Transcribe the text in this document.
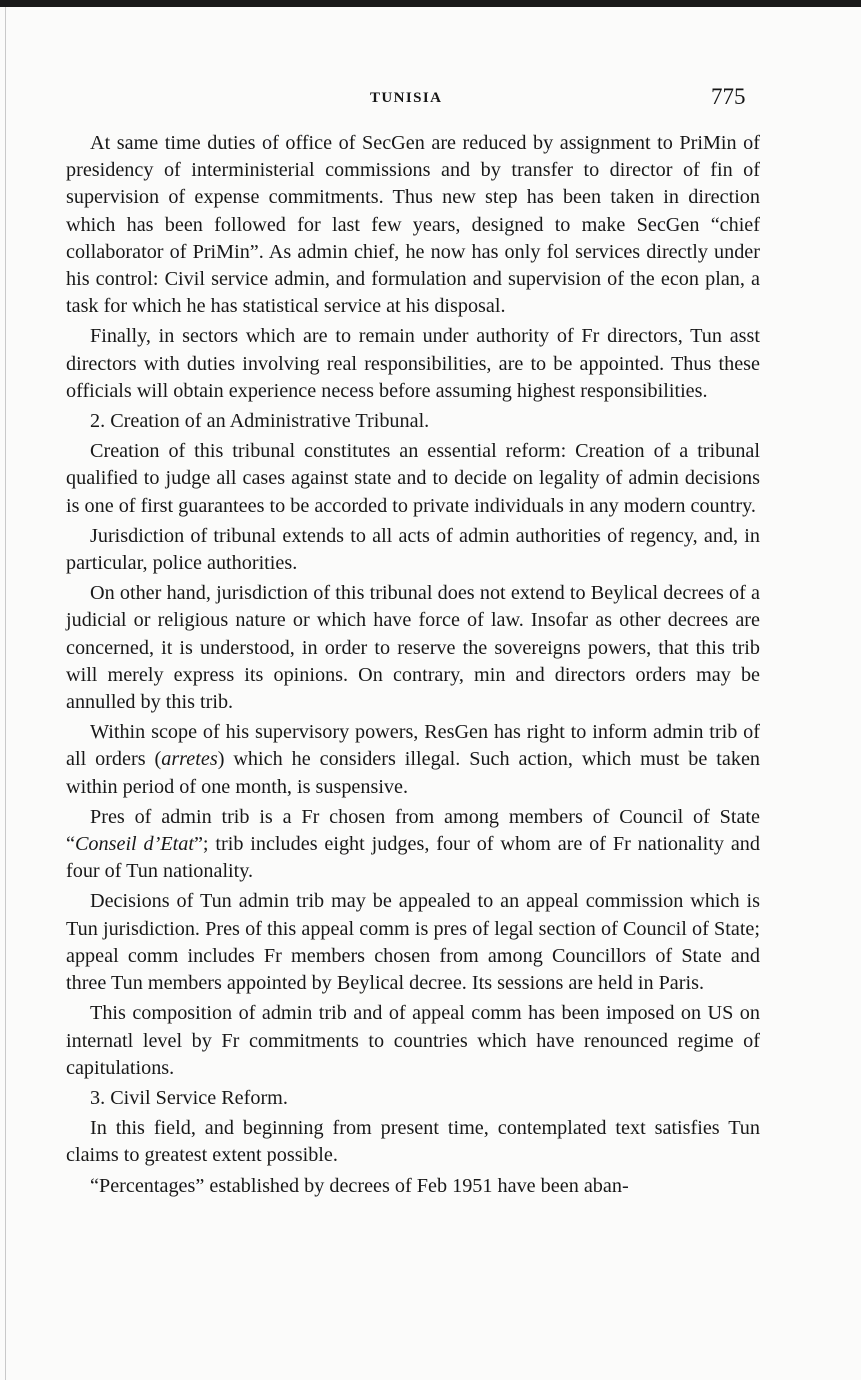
TUNISIA	775

At same time duties of office of SecGen are reduced by assignment to PriMin of presidency of interministerial commissions and by transfer to director of fin of supervision of expense commitments. Thus new step has been taken in direction which has been followed for last few years, designed to make SecGen “chief collaborator of PriMin”. As admin chief, he now has only fol services directly under his control: Civil service admin, and formulation and supervision of the econ plan, a task for which he has statistical service at his disposal.

Finally, in sectors which are to remain under authority of Fr directors, Tun asst directors with duties involving real responsibilities, are to be appointed. Thus these officials will obtain experience necess before assuming highest responsibilities.

2. Creation of an Administrative Tribunal.

Creation of this tribunal constitutes an essential reform: Creation of a tribunal qualified to judge all cases against state and to decide on legality of admin decisions is one of first guarantees to be accorded to private individuals in any modern country.

Jurisdiction of tribunal extends to all acts of admin authorities of regency, and, in particular, police authorities.

On other hand, jurisdiction of this tribunal does not extend to Beylical decrees of a judicial or religious nature or which have force of law. Insofar as other decrees are concerned, it is understood, in order to reserve the sovereigns powers, that this trib will merely express its opinions. On contrary, min and directors orders may be annulled by this trib.

Within scope of his supervisory powers, ResGen has right to inform admin trib of all orders (arretes) which he considers illegal. Such action, which must be taken within period of one month, is suspensive.

Pres of admin trib is a Fr chosen from among members of Council of State “Conseil d’Etat”; trib includes eight judges, four of whom are of Fr nationality and four of Tun nationality.

Decisions of Tun admin trib may be appealed to an appeal commission which is Tun jurisdiction. Pres of this appeal comm is pres of legal section of Council of State; appeal comm includes Fr members chosen from among Councillors of State and three Tun members appointed by Beylical decree. Its sessions are held in Paris.

This composition of admin trib and of appeal comm has been imposed on US on internatl level by Fr commitments to countries which have renounced regime of capitulations.

3. Civil Service Reform.

In this field, and beginning from present time, contemplated text satisfies Tun claims to greatest extent possible.

“Percentages” established by decrees of Feb 1951 have been aban-
